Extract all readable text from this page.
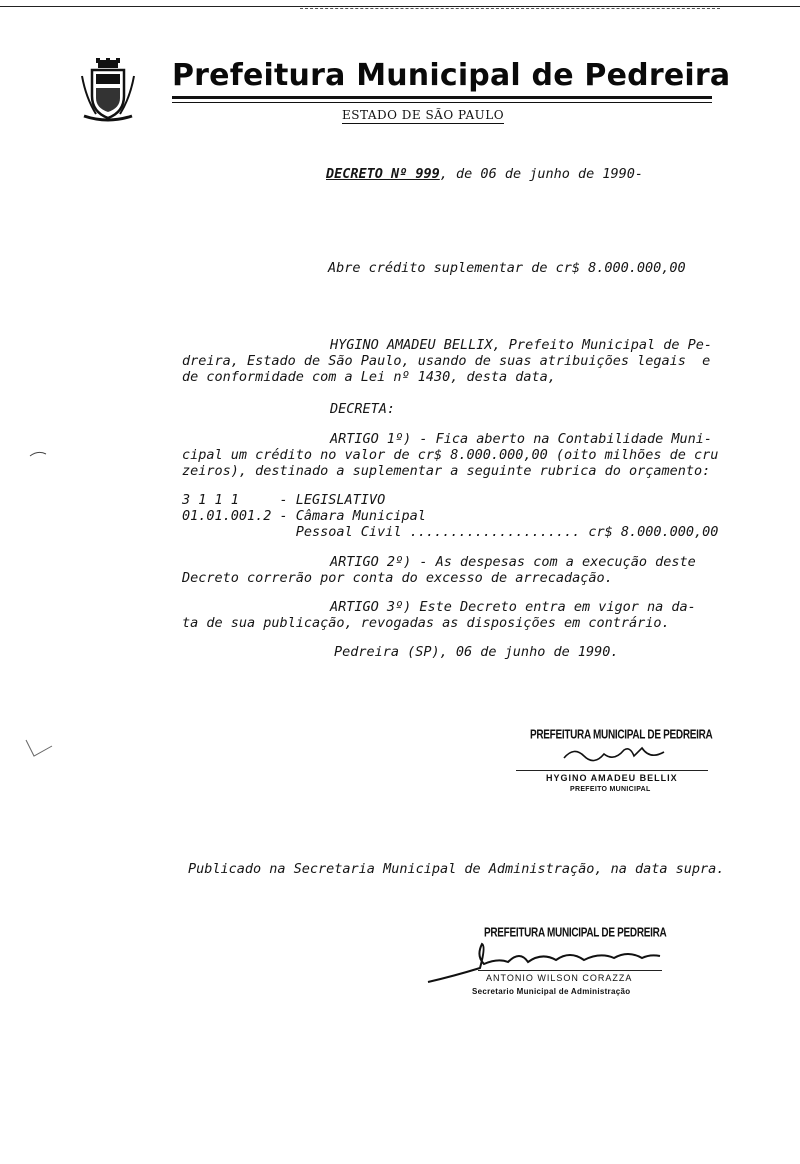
Prefeitura Municipal de Pedreira
ESTADO DE SÃO PAULO
DECRETO Nº 999, de 06 de junho de 1990-
Abre crédito suplementar de cr$ 8.000.000,00
HYGINO AMADEU BELLIX, Prefeito Municipal de Pe-
dreira, Estado de São Paulo, usando de suas atribuições legais  e
de conformidade com a Lei nº 1430, desta data,
DECRETA:
ARTIGO 1º) - Fica aberto na Contabilidade Muni-
cipal um crédito no valor de cr$ 8.000.000,00 (oito milhões de cru
zeiros), destinado a suplementar a seguinte rubrica do orçamento:
3 1 1 1     - LEGISLATIVO
01.01.001.2 - Câmara Municipal
Pessoal Civil ..................... cr$ 8.000.000,00
ARTIGO 2º) - As despesas com a execução deste
Decreto correrão por conta do excesso de arrecadação.
ARTIGO 3º) Este Decreto entra em vigor na da-
ta de sua publicação, revogadas as disposições em contrário.
Pedreira (SP), 06 de junho de 1990.
PREFEITURA MUNICIPAL DE PEDREIRA
HYGINO AMADEU BELLIX
PREFEITO MUNICIPAL
Publicado na Secretaria Municipal de Administração, na data supra.
PREFEITURA MUNICIPAL DE PEDREIRA
ANTONIO WILSON CORAZZA
Secretario Municipal de Administração
